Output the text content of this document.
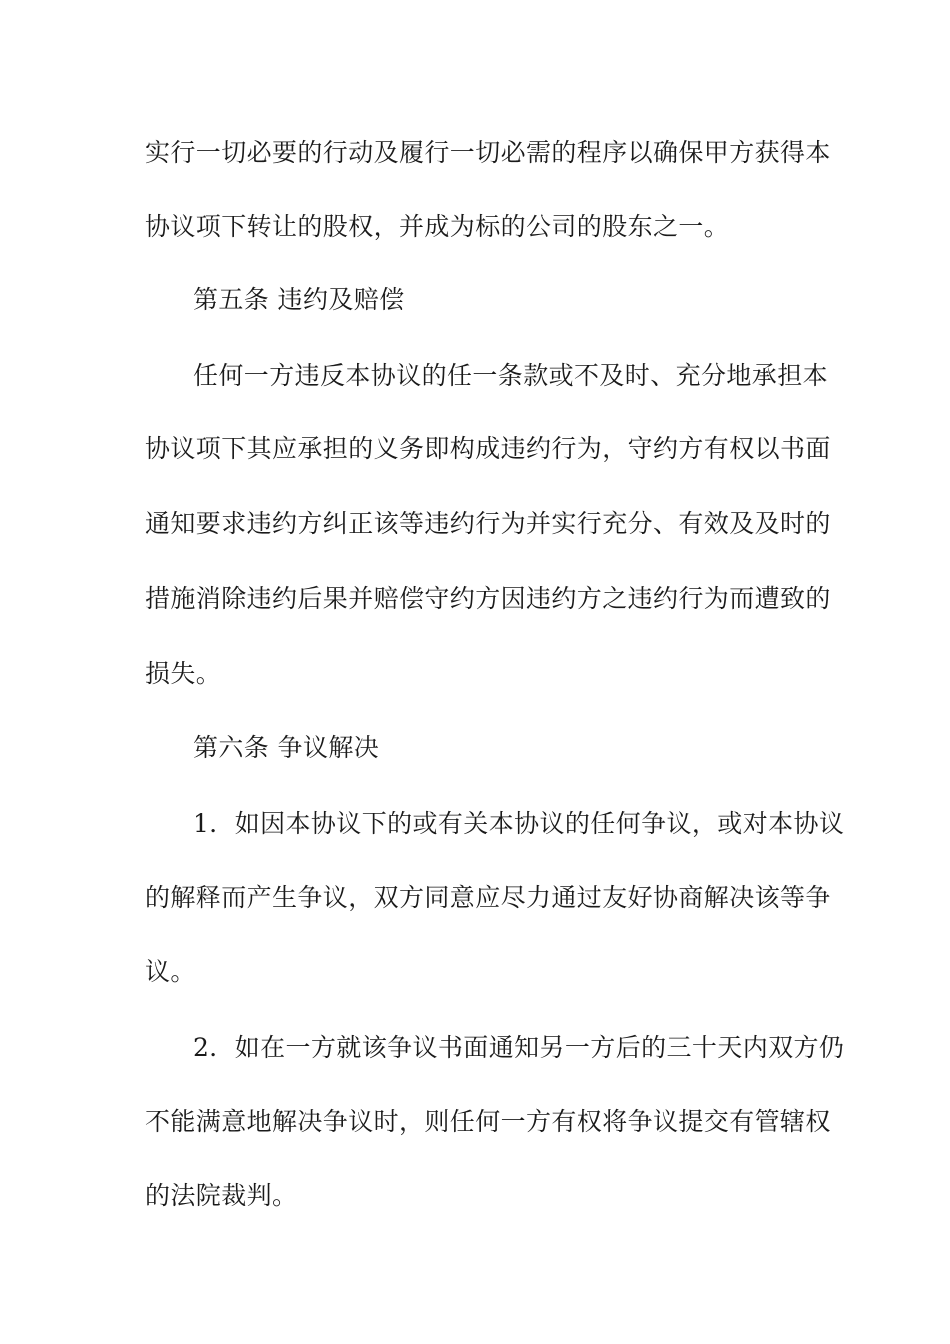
实行一切必要的行动及履行一切必需的程序以确保甲方获得本
协议项下转让的股权，并成为标的公司的股东之一。
第五条 违约及赔偿
任何一方违反本协议的任一条款或不及时、充分地承担本
协议项下其应承担的义务即构成违约行为，守约方有权以书面
通知要求违约方纠正该等违约行为并实行充分、有效及及时的
措施消除违约后果并赔偿守约方因违约方之违约行为而遭致的
损失。
第六条 争议解决
1．如因本协议下的或有关本协议的任何争议，或对本协议
的解释而产生争议，双方同意应尽力通过友好协商解决该等争
议。
2．如在一方就该争议书面通知另一方后的三十天内双方仍
不能满意地解决争议时，则任何一方有权将争议提交有管辖权
的法院裁判。
